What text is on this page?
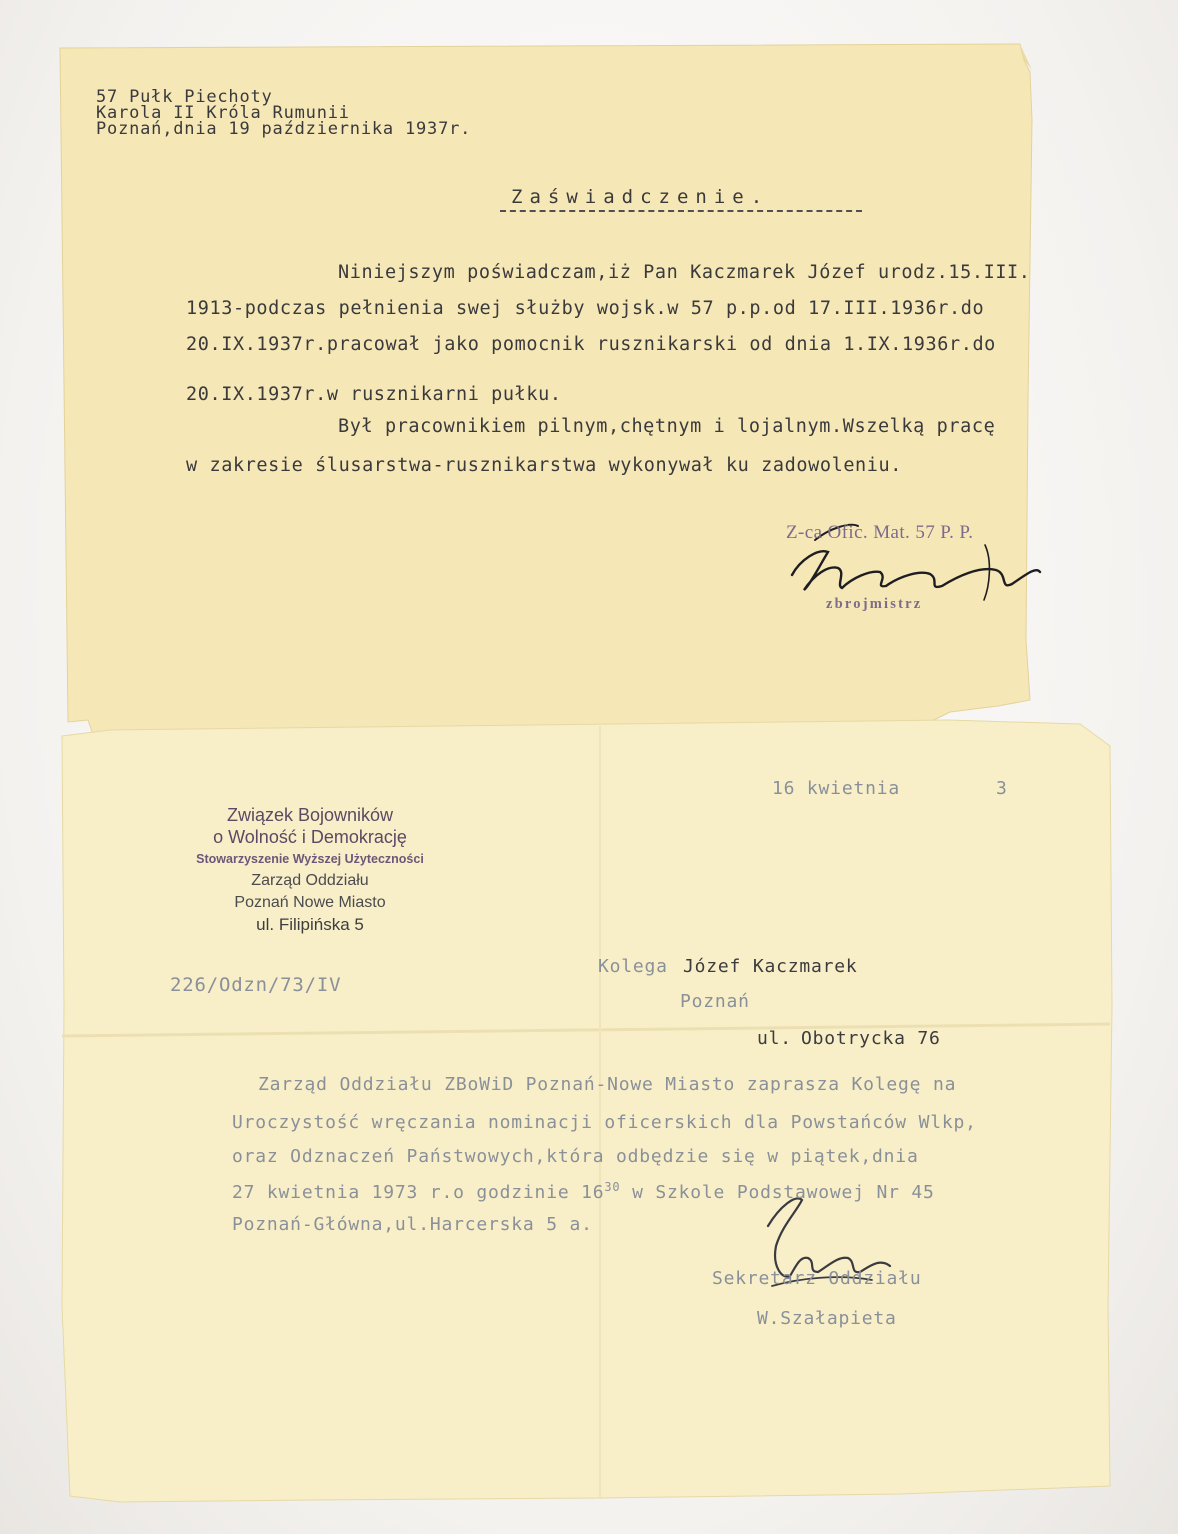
57 Pułk Piechoty
Karola II Króla Rumunii
Poznań,dnia 19 października 1937r.
Zaświadczenie.
Niniejszym poświadczam,iż Pan Kaczmarek Józef urodz.15.III.
1913-podczas pełnienia swej służby wojsk.w 57 p.p.od 17.III.1936r.do
20.IX.1937r.pracował jako pomocnik rusznikarski od dnia 1.IX.1936r.do
20.IX.1937r.w rusznikarni pułku.
Był pracownikiem pilnym,chętnym i lojalnym.Wszelką pracę
w zakresie ślusarstwa-rusznikarstwa wykonywał ku zadowoleniu.
Z-ca Ofic. Mat. 57 P. P.
zbrojmistrz
16 kwietnia	3
Związek Bojowników
o Wolność i Demokrację
Stowarzyszenie Wyższej Użyteczności
Zarząd Oddziału
Poznań Nowe Miasto
ul. Filipińska 5
226/Odzn/73/IV
Kolega Józef Kaczmarek
Poznań
ul. Obotrycka 76
Zarząd Oddziału ZBoWiD Poznań-Nowe Miasto zaprasza Kolegę na
Uroczystość wręczania nominacji oficerskich dla Powstańców Wlkp,
oraz Odznaczeń Państwowych,która odbędzie się w piątek,dnia
27 kwietnia 1973 r.o godzinie $16^{30}$ w Szkole Podstawowej Nr 45
Poznań-Główna,ul.Harcerska 5 a.
Sekretarz Oddziału
W.Szałapieta
